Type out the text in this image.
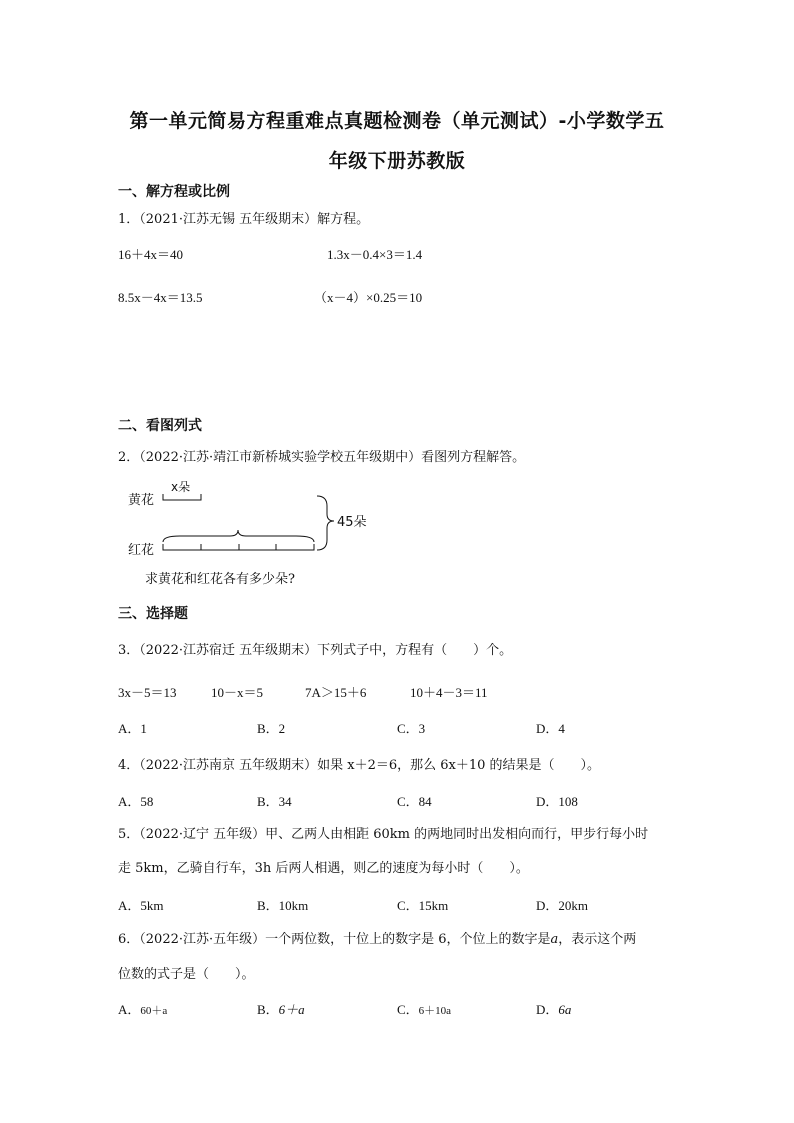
第一单元简易方程重难点真题检测卷（单元测试）-小学数学五
年级下册苏教版
一、解方程或比例
1．（2021·江苏无锡 五年级期末）解方程。
16＋4x＝40	1.3x－0.4×3＝1.4
8.5x－4x＝13.5	（x－4）×0.25＝10
二、看图列式
2．（2022·江苏·靖江市新桥城实验学校五年级期中）看图列方程解答。
黄花
x朵
红花
45朵
求黄花和红花各有多少朵?
三、选择题
3．（2022·江苏宿迁 五年级期末）下列式子中，方程有（　　）个。
3x－5＝13	10－x＝5	7A＞15＋6	10＋4－3＝11
A．1	B．2	C．3	D．4
4．（2022·江苏南京 五年级期末）如果 x＋2＝6，那么 6x＋10 的结果是（　　）。
A．58	B．34	C．84	D．108
5．（2022·辽宁 五年级）甲、乙两人由相距 60km 的两地同时出发相向而行，甲步行每小时
走 5km，乙骑自行车，3h 后两人相遇，则乙的速度为每小时（　　）。
A．5km	B．10km	C．15km	D．20km
6．（2022·江苏·五年级）一个两位数，十位上的数字是 6，个位上的数字是a，表示这个两
位数的式子是（　　）。
A．60＋a	B．6＋a	C．6＋10a	D．6a
